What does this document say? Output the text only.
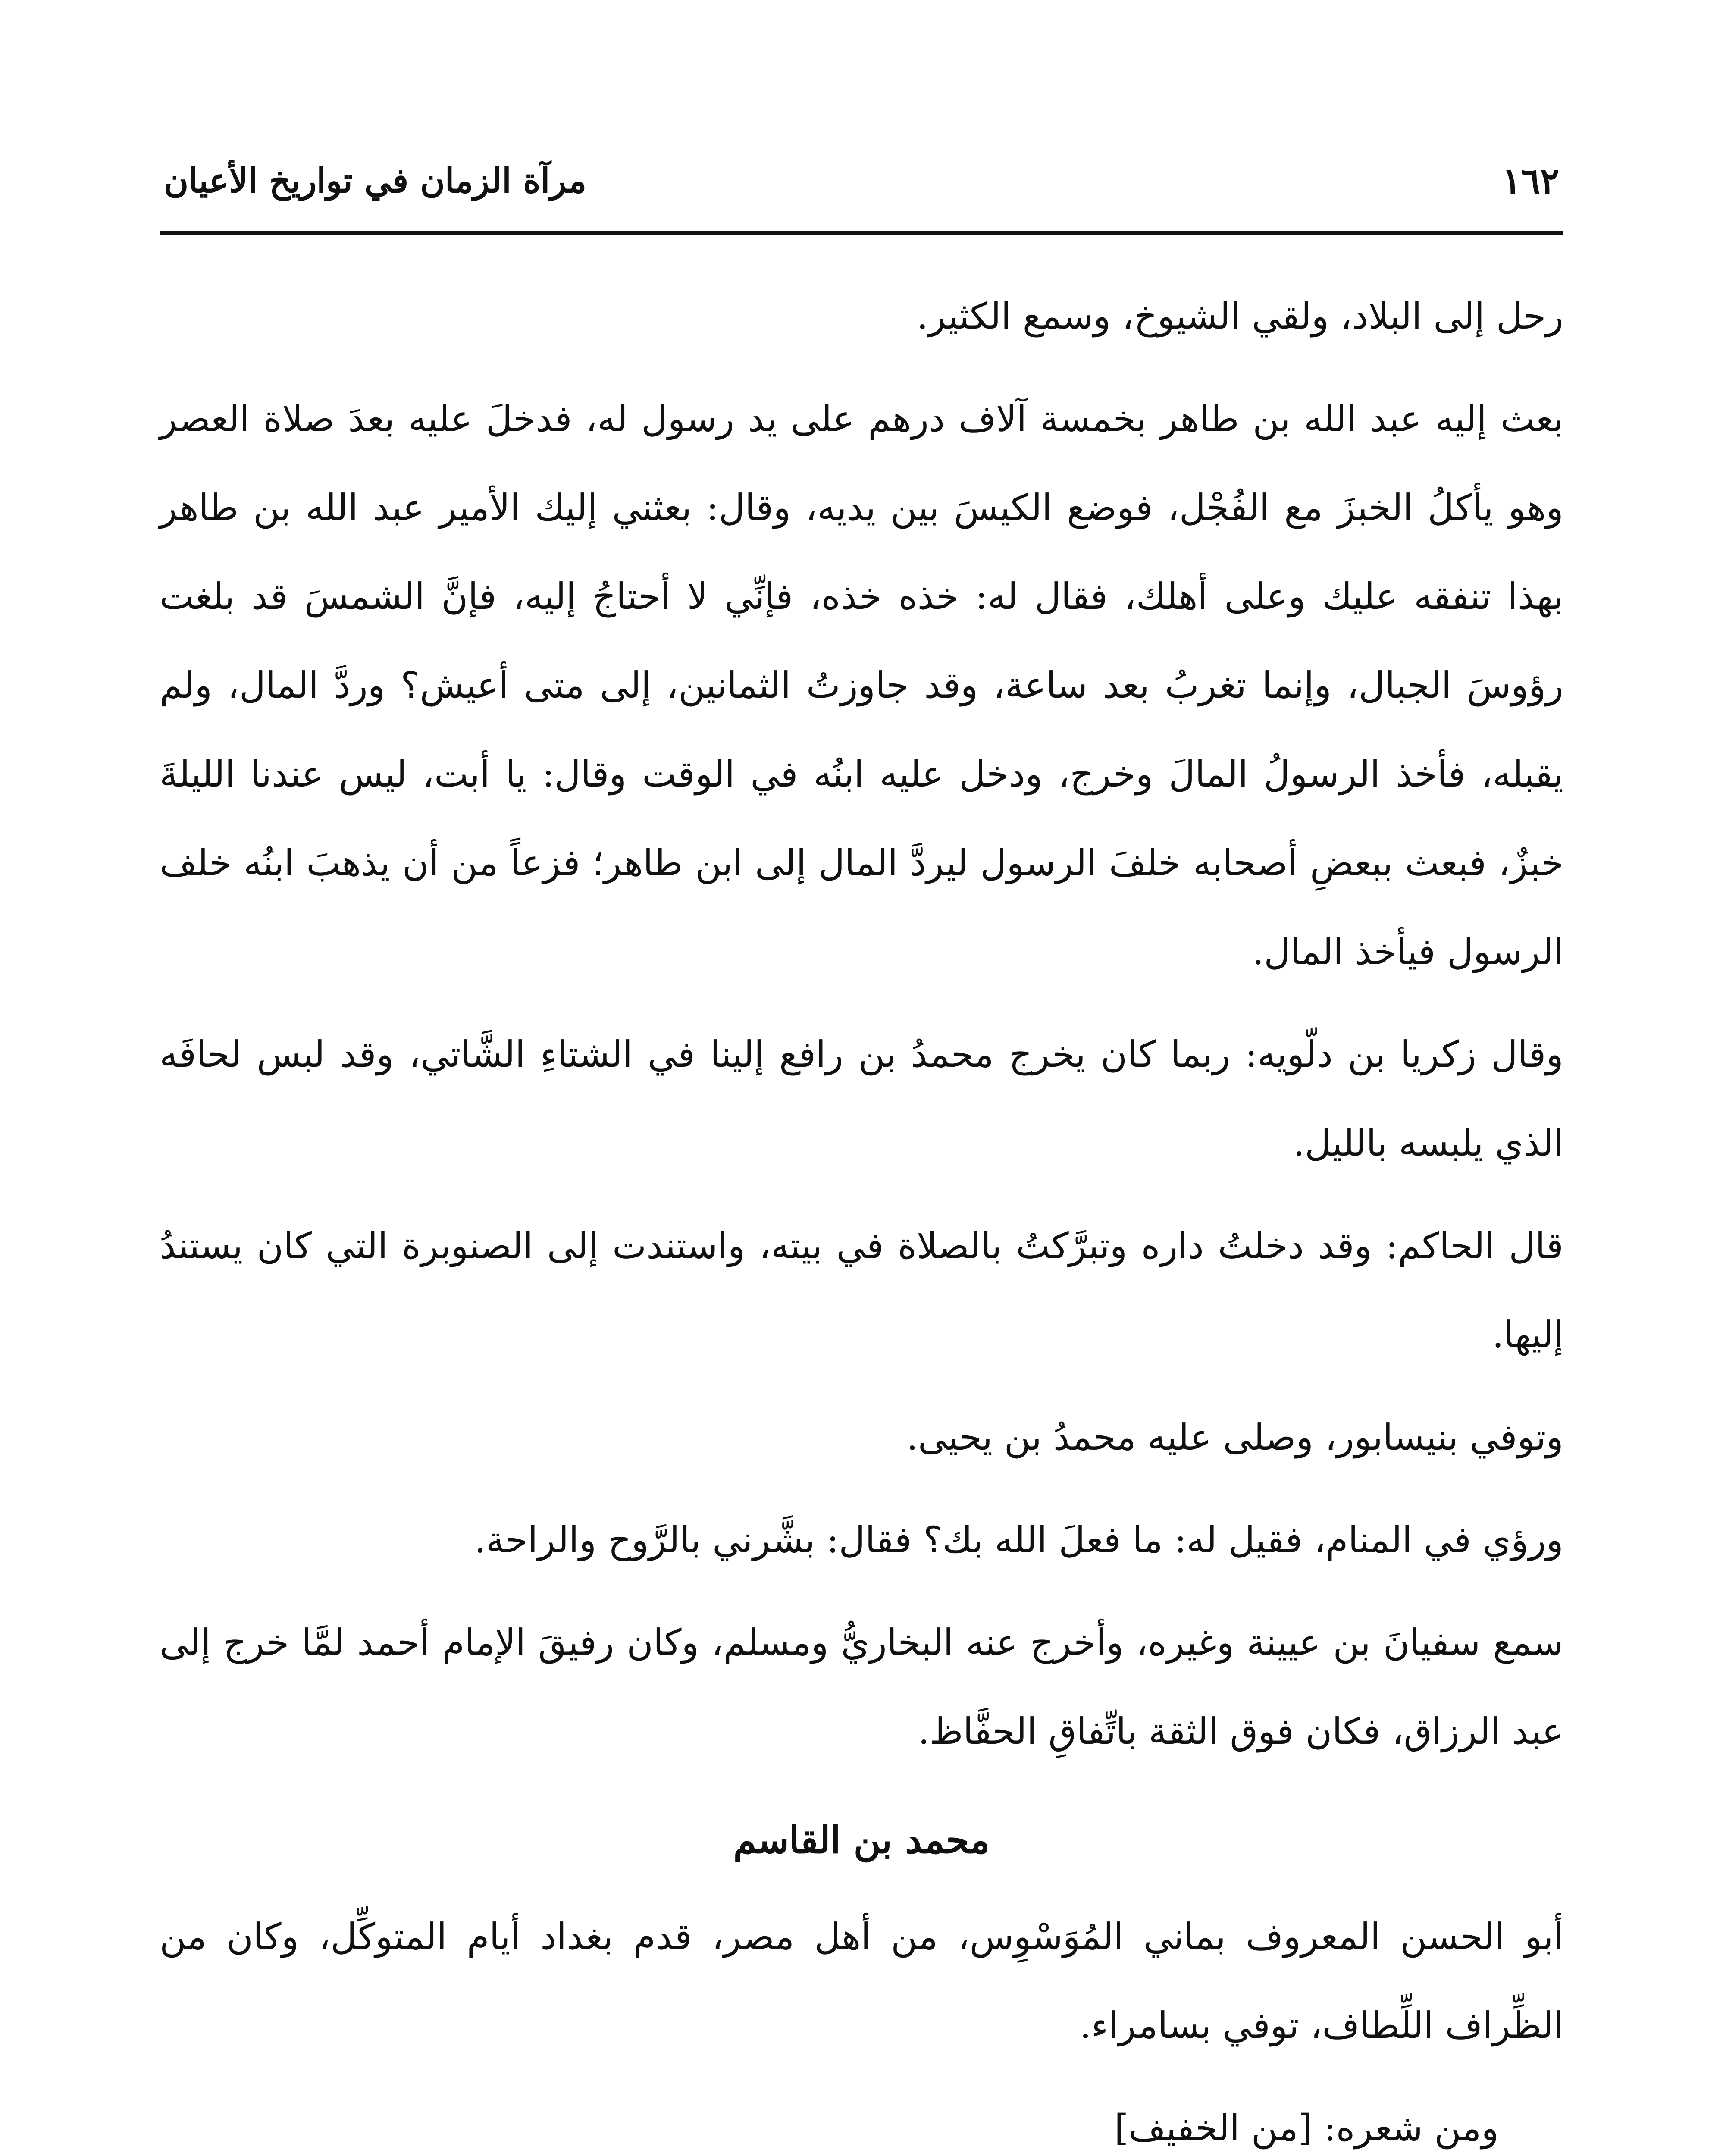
١٦٢
مرآة الزمان في تواريخ الأعيان

رحل إلى البلاد، ولقي الشيوخ، وسمع الكثير.

بعث إليه عبد الله بن طاهر بخمسة آلاف درهم على يد رسول له، فدخلَ عليه بعدَ صلاة العصر وهو يأكلُ الخبزَ مع الفُجْل، فوضع الكيسَ بين يديه، وقال: بعثني إليك الأمير عبد الله بن طاهر بهذا تنفقه عليك وعلى أهلك، فقال له: خذه خذه، فإنِّي لا أحتاجُ إليه، فإنَّ الشمسَ قد بلغت رؤوسَ الجبال، وإنما تغربُ بعد ساعة، وقد جاوزتُ الثمانين، إلى متى أعيش؟ وردَّ المال، ولم يقبله، فأخذ الرسولُ المالَ وخرج، ودخل عليه ابنُه في الوقت وقال: يا أبت، ليس عندنا الليلةَ خبزٌ، فبعث ببعضِ أصحابه خلفَ الرسول ليردَّ المال إلى ابن طاهر؛ فزعاً من أن يذهبَ ابنُه خلف الرسول فيأخذ المال.

وقال زكريا بن دلّويه: ربما كان يخرج محمدُ بن رافع إلينا في الشتاءِ الشَّاتي، وقد لبس لحافَه الذي يلبسه بالليل.

قال الحاكم: وقد دخلتُ داره وتبرَّكتُ بالصلاة في بيته، واستندت إلى الصنوبرة التي كان يستندُ إليها.

وتوفي بنيسابور، وصلى عليه محمدُ بن يحيى.

ورؤي في المنام، فقيل له: ما فعلَ الله بك؟ فقال: بشَّرني بالرَّوح والراحة.

سمع سفيانَ بن عيينة وغيره، وأخرج عنه البخاريُّ ومسلم، وكان رفيقَ الإمام أحمد لمَّا خرج إلى عبد الرزاق، فكان فوق الثقة باتِّفاقِ الحفَّاظ.

محمد بن القاسم

أبو الحسن المعروف بماني المُوَسْوِس، من أهل مصر، قدم بغداد أيام المتوكِّل، وكان من الظِّراف اللِّطاف، توفي بسامراء.

ومن شعره: [من الخفيف]
